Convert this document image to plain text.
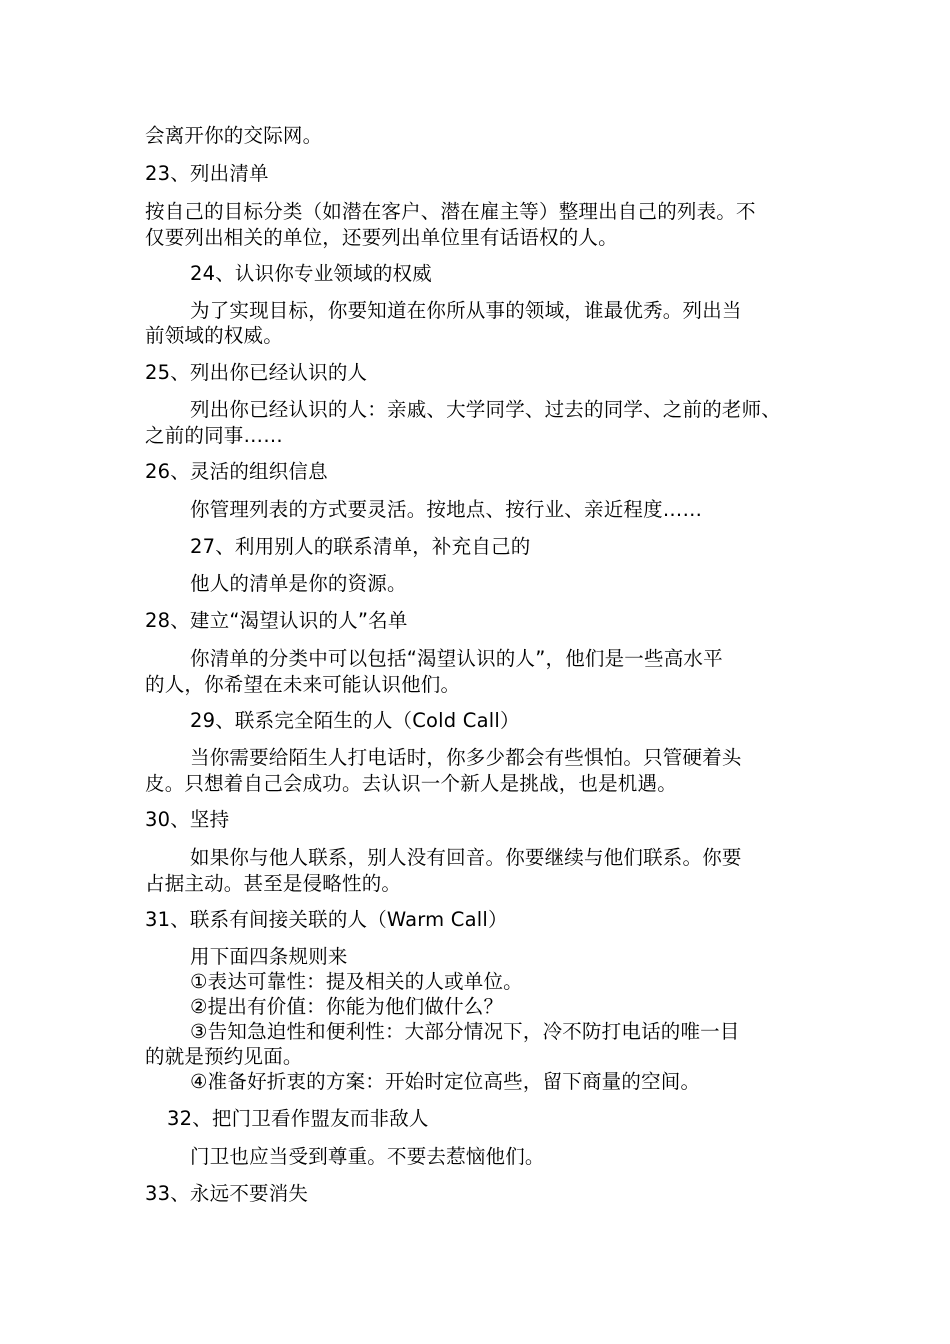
会离开你的交际网。
23、列出清单
按自己的目标分类（如潜在客户、潜在雇主等）整理出自己的列表。不
仅要列出相关的单位，还要列出单位里有话语权的人。
24、认识你专业领域的权威
为了实现目标，你要知道在你所从事的领域，谁最优秀。列出当
前领域的权威。
25、列出你已经认识的人
列出你已经认识的人：亲戚、大学同学、过去的同学、之前的老师、
之前的同事……
26、灵活的组织信息
你管理列表的方式要灵活。按地点、按行业、亲近程度……
27、利用别人的联系清单，补充自己的
他人的清单是你的资源。
28、建立“渴望认识的人”名单
你清单的分类中可以包括“渴望认识的人”，他们是一些高水平
的人，你希望在未来可能认识他们。
29、联系完全陌生的人（Cold Call）
当你需要给陌生人打电话时，你多少都会有些惧怕。只管硬着头
皮。只想着自己会成功。去认识一个新人是挑战，也是机遇。
30、坚持
如果你与他人联系，别人没有回音。你要继续与他们联系。你要
占据主动。甚至是侵略性的。
31、联系有间接关联的人（Warm Call）
用下面四条规则来
①表达可靠性：提及相关的人或单位。
②提出有价值：你能为他们做什么？
③告知急迫性和便利性：大部分情况下，冷不防打电话的唯一目
的就是预约见面。
④准备好折衷的方案：开始时定位高些，留下商量的空间。
32、把门卫看作盟友而非敌人
门卫也应当受到尊重。不要去惹恼他们。
33、永远不要消失
